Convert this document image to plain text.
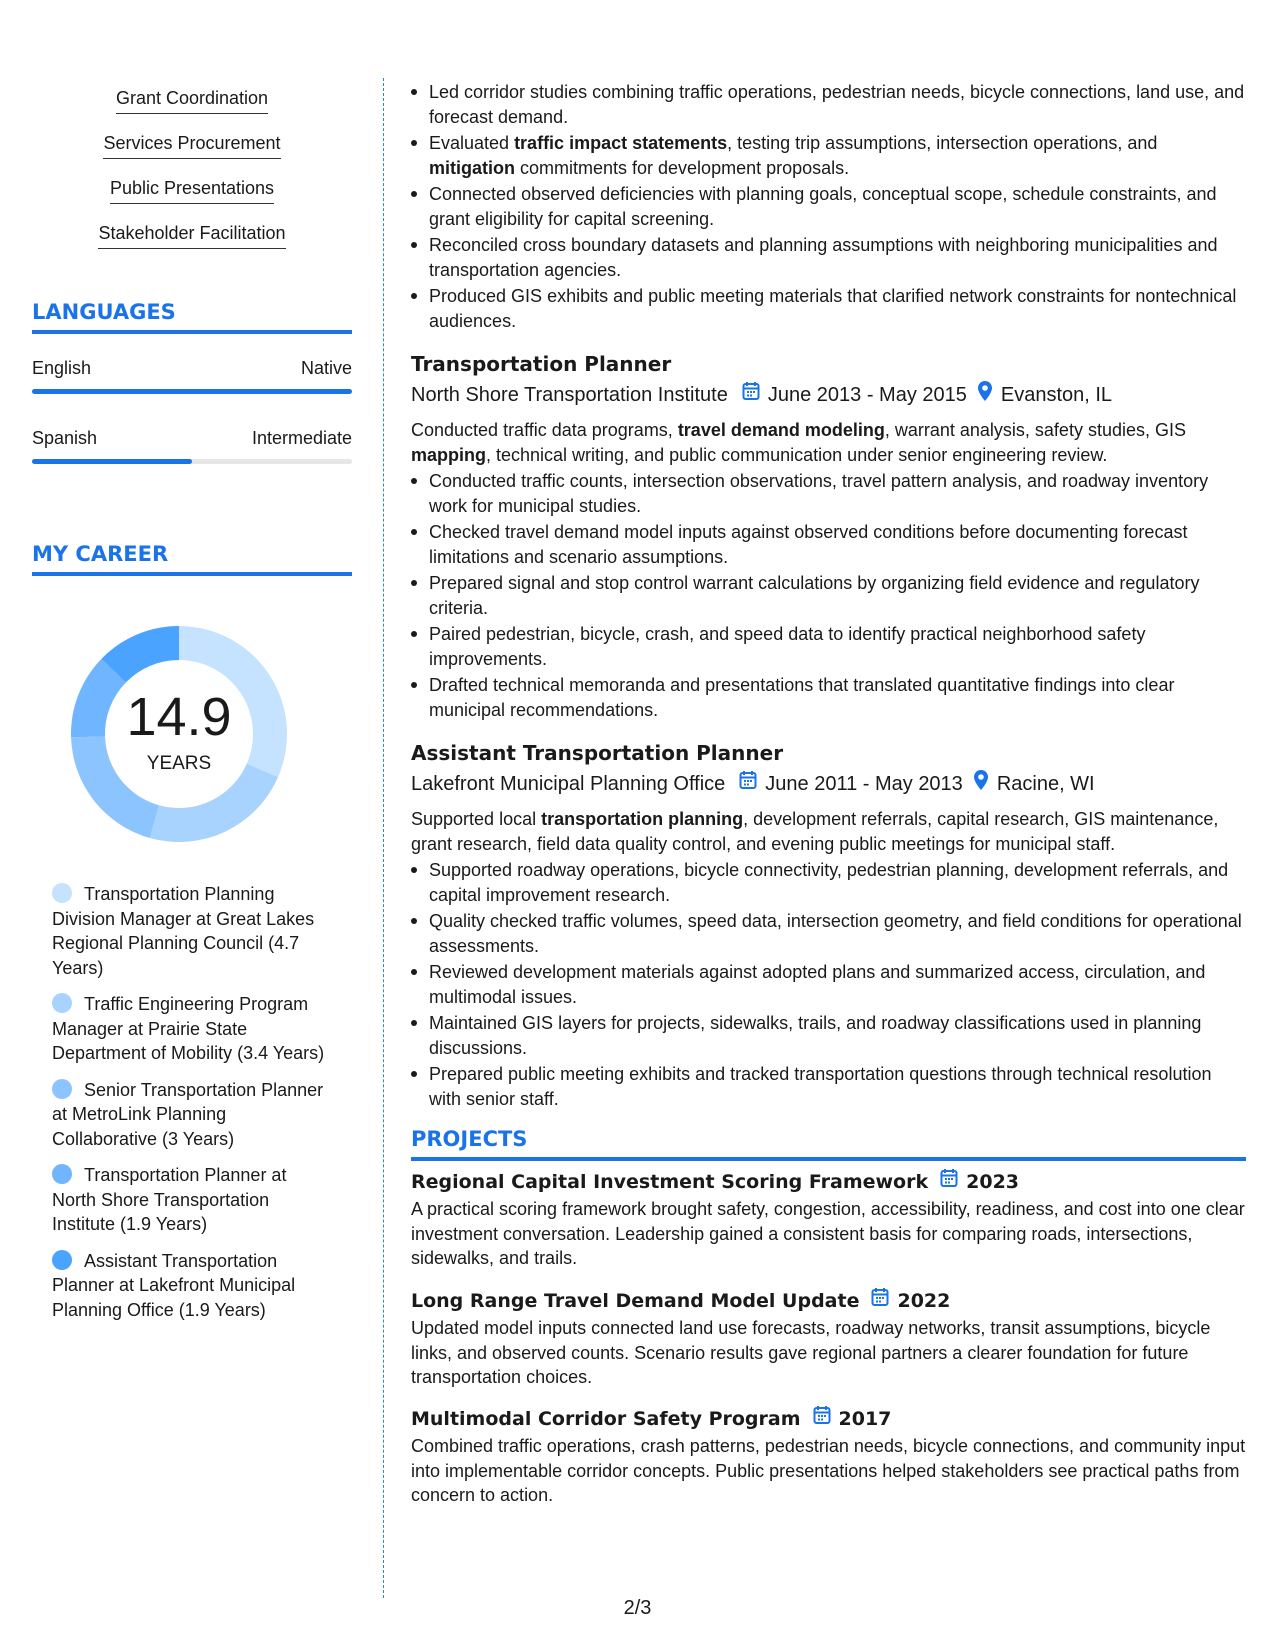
Grant Coordination
Services Procurement
Public Presentations
Stakeholder Facilitation
LANGUAGES
English	Native
Spanish	Intermediate
MY CAREER
14.9
YEARS
Transportation Planning Division Manager at Great Lakes Regional Planning Council (4.7 Years)
Traffic Engineering Program Manager at Prairie State Department of Mobility (3.4 Years)
Senior Transportation Planner at MetroLink Planning Collaborative (3 Years)
Transportation Planner at North Shore Transportation Institute (1.9 Years)
Assistant Transportation Planner at Lakefront Municipal Planning Office (1.9 Years)
Led corridor studies combining traffic operations, pedestrian needs, bicycle connections, land use, and forecast demand.
Evaluated traffic impact statements, testing trip assumptions, intersection operations, and mitigation commitments for development proposals.
Connected observed deficiencies with planning goals, conceptual scope, schedule constraints, and grant eligibility for capital screening.
Reconciled cross boundary datasets and planning assumptions with neighboring municipalities and transportation agencies.
Produced GIS exhibits and public meeting materials that clarified network constraints for nontechnical audiences.
Transportation Planner
North Shore Transportation Institute June 2013 - May 2015 Evanston, IL
Conducted traffic data programs, travel demand modeling, warrant analysis, safety studies, GIS mapping, technical writing, and public communication under senior engineering review.
Conducted traffic counts, intersection observations, travel pattern analysis, and roadway inventory work for municipal studies.
Checked travel demand model inputs against observed conditions before documenting forecast limitations and scenario assumptions.
Prepared signal and stop control warrant calculations by organizing field evidence and regulatory criteria.
Paired pedestrian, bicycle, crash, and speed data to identify practical neighborhood safety improvements.
Drafted technical memoranda and presentations that translated quantitative findings into clear municipal recommendations.
Assistant Transportation Planner
Lakefront Municipal Planning Office June 2011 - May 2013 Racine, WI
Supported local transportation planning, development referrals, capital research, GIS maintenance, grant research, field data quality control, and evening public meetings for municipal staff.
Supported roadway operations, bicycle connectivity, pedestrian planning, development referrals, and capital improvement research.
Quality checked traffic volumes, speed data, intersection geometry, and field conditions for operational assessments.
Reviewed development materials against adopted plans and summarized access, circulation, and multimodal issues.
Maintained GIS layers for projects, sidewalks, trails, and roadway classifications used in planning discussions.
Prepared public meeting exhibits and tracked transportation questions through technical resolution with senior staff.
PROJECTS
Regional Capital Investment Scoring Framework 2023
A practical scoring framework brought safety, congestion, accessibility, readiness, and cost into one clear investment conversation. Leadership gained a consistent basis for comparing roads, intersections, sidewalks, and trails.
Long Range Travel Demand Model Update 2022
Updated model inputs connected land use forecasts, roadway networks, transit assumptions, bicycle links, and observed counts. Scenario results gave regional partners a clearer foundation for future transportation choices.
Multimodal Corridor Safety Program 2017
Combined traffic operations, crash patterns, pedestrian needs, bicycle connections, and community input into implementable corridor concepts. Public presentations helped stakeholders see practical paths from concern to action.
2/3
